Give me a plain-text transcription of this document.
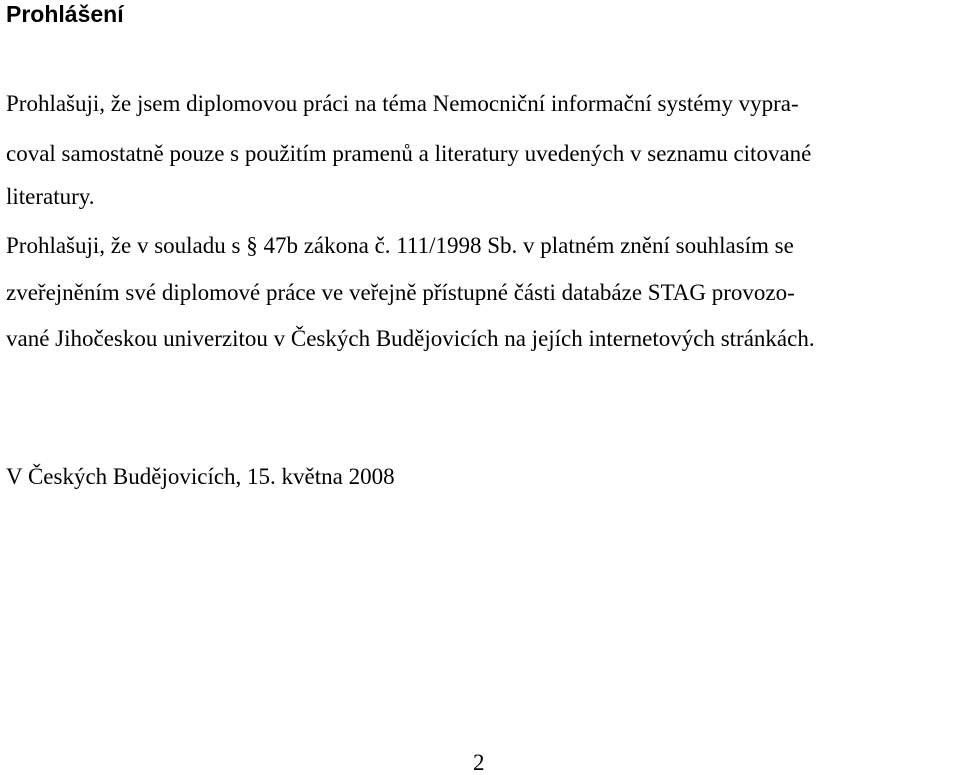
Prohlášení

Prohlašuji, že jsem diplomovou práci na téma Nemocniční informační systémy vypra-

coval samostatně pouze s použitím pramenů a literatury uvedených v seznamu citované

literatury.

Prohlašuji, že v souladu s § 47b zákona č. 111/1998 Sb. v platném znění souhlasím se

zveřejněním své diplomové práce ve veřejně přístupné části databáze STAG provozo-

vané Jihočeskou univerzitou v Českých Budějovicích na jejích internetových stránkách.

V Českých Budějovicích, 15. května 2008

2
